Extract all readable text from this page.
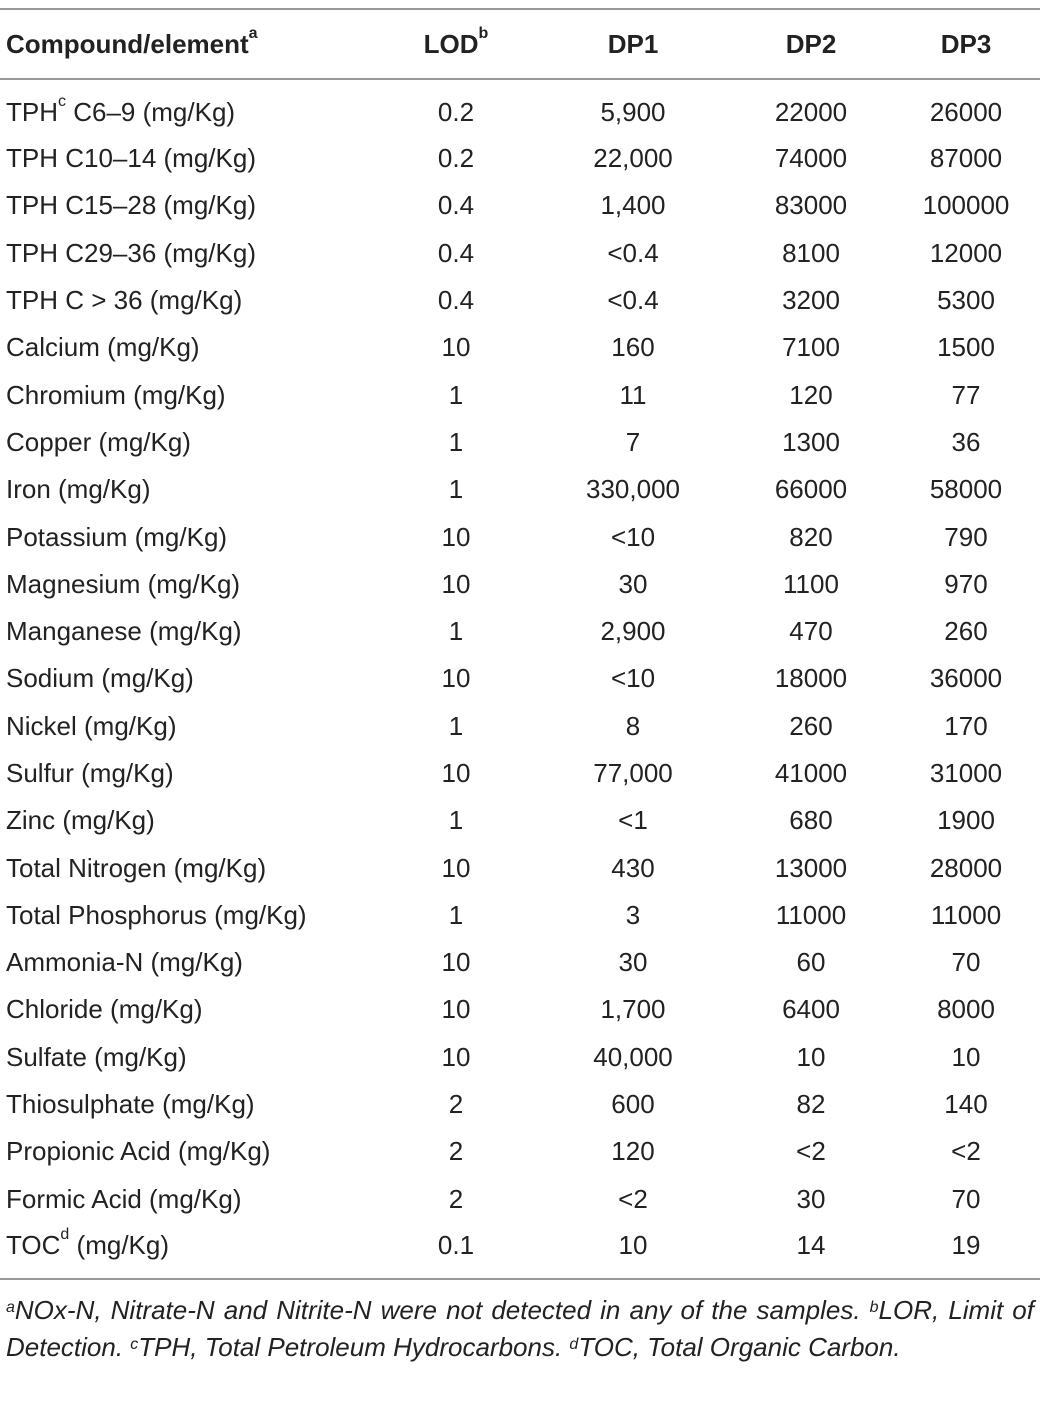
Compound/element$^a$	LOD$^b$	DP1	DP2	DP3
TPH$^c$ C6–9 (mg/Kg)	0.2	5,900	22000	26000
TPH C10–14 (mg/Kg)	0.2	22,000	74000	87000
TPH C15–28 (mg/Kg)	0.4	1,400	83000	100000
TPH C29–36 (mg/Kg)	0.4	<0.4	8100	12000
TPH C > 36 (mg/Kg)	0.4	<0.4	3200	5300
Calcium (mg/Kg)	10	160	7100	1500
Chromium (mg/Kg)	1	11	120	77
Copper (mg/Kg)	1	7	1300	36
Iron (mg/Kg)	1	330,000	66000	58000
Potassium (mg/Kg)	10	<10	820	790
Magnesium (mg/Kg)	10	30	1100	970
Manganese (mg/Kg)	1	2,900	470	260
Sodium (mg/Kg)	10	<10	18000	36000
Nickel (mg/Kg)	1	8	260	170
Sulfur (mg/Kg)	10	77,000	41000	31000
Zinc (mg/Kg)	1	<1	680	1900
Total Nitrogen (mg/Kg)	10	430	13000	28000
Total Phosphorus (mg/Kg)	1	3	11000	11000
Ammonia-N (mg/Kg)	10	30	60	70
Chloride (mg/Kg)	10	1,700	6400	8000
Sulfate (mg/Kg)	10	40,000	10	10
Thiosulphate (mg/Kg)	2	600	82	140
Propionic Acid (mg/Kg)	2	120	<2	<2
Formic Acid (mg/Kg)	2	<2	30	70
TOC$^d$ (mg/Kg)	0.1	10	14	19
$^a$NOx-N, Nitrate-N and Nitrite-N were not detected in any of the samples. $^b$LOR, Limit of Detection. $^c$TPH, Total Petroleum Hydrocarbons. $^d$TOC, Total Organic Carbon.
